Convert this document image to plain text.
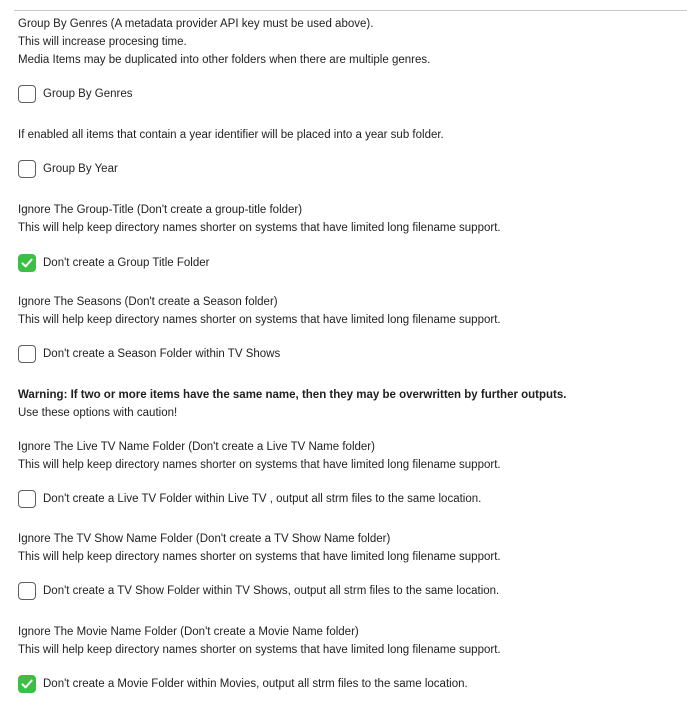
Group By Genres (A metadata provider API key must be used above).
This will increase procesing time.
Media Items may be duplicated into other folders when there are multiple genres.
Group By Genres
If enabled all items that contain a year identifier will be placed into a year sub folder.
Group By Year
Ignore The Group-Title (Don't create a group-title folder)
This will help keep directory names shorter on systems that have limited long filename support.
Don't create a Group Title Folder
Ignore The Seasons (Don't create a Season folder)
This will help keep directory names shorter on systems that have limited long filename support.
Don't create a Season Folder within TV Shows
Warning: If two or more items have the same name, then they may be overwritten by further outputs.
Use these options with caution!
Ignore The Live TV Name Folder (Don't create a Live TV Name folder)
This will help keep directory names shorter on systems that have limited long filename support.
Don't create a Live TV Folder within Live TV , output all strm files to the same location.
Ignore The TV Show Name Folder (Don't create a TV Show Name folder)
This will help keep directory names shorter on systems that have limited long filename support.
Don't create a TV Show Folder within TV Shows, output all strm files to the same location.
Ignore The Movie Name Folder (Don't create a Movie Name folder)
This will help keep directory names shorter on systems that have limited long filename support.
Don't create a Movie Folder within Movies, output all strm files to the same location.
